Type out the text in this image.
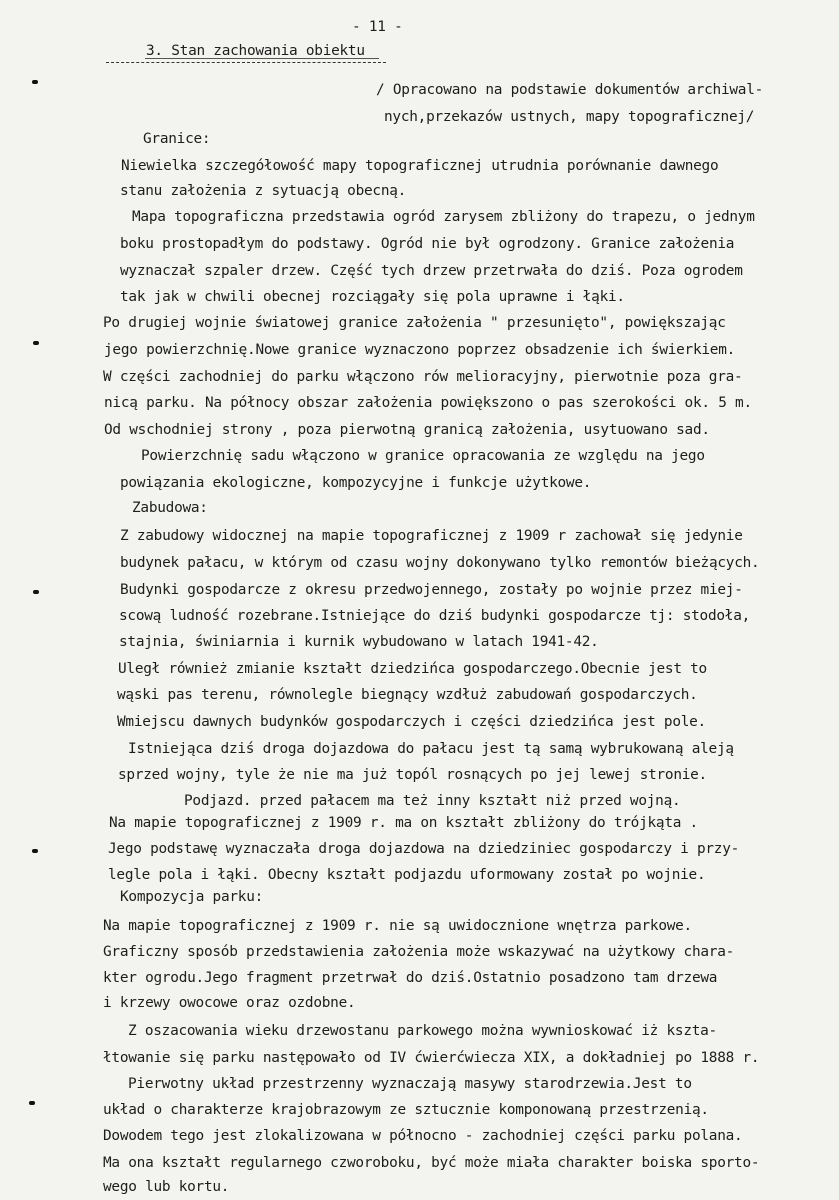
- 11 -
3. Stan zachowania obiektu
/ Opracowano na podstawie dokumentów archiwal-
nych,przekazów ustnych, mapy topograficznej/
Granice:
Niewielka szczegółowość mapy topograficznej utrudnia porównanie dawnego
stanu założenia z sytuacją obecną.
Mapa topograficzna przedstawia ogród zarysem zbliżony do trapezu, o jednym
boku prostopadłym do podstawy. Ogród nie był ogrodzony. Granice założenia
wyznaczał szpaler drzew. Część tych drzew przetrwała do dziś. Poza ogrodem
tak jak w chwili obecnej rozciągały się pola uprawne i łąki.
Po drugiej wojnie światowej granice założenia " przesunięto", powiększając
jego powierzchnię.Nowe granice wyznaczono poprzez obsadzenie ich świerkiem.
W części zachodniej do parku włączono rów melioracyjny, pierwotnie poza gra-
nicą parku. Na północy obszar założenia powiększono o pas szerokości ok. 5 m.
Od wschodniej strony , poza pierwotną granicą założenia, usytuowano sad.
Powierzchnię sadu włączono w granice opracowania ze względu na jego
powiązania ekologiczne, kompozycyjne i funkcje użytkowe.
Zabudowa:
Z zabudowy widocznej na mapie topograficznej z 1909 r zachował się jedynie
budynek pałacu, w którym od czasu wojny dokonywano tylko remontów bieżących.
Budynki gospodarcze z okresu przedwojennego, zostały po wojnie przez miej-
scową ludność rozebrane.Istniejące do dziś budynki gospodarcze tj: stodoła,
stajnia, świniarnia i kurnik wybudowano w latach 1941-42.
Uległ również zmianie kształt dziedzińca gospodarczego.Obecnie jest to
wąski pas terenu, równolegle biegnący wzdłuż zabudowań gospodarczych.
Wmiejscu dawnych budynków gospodarczych i części dziedzińca jest pole.
Istniejąca dziś droga dojazdowa do pałacu jest tą samą wybrukowaną aleją
sprzed wojny, tyle że nie ma już topól rosnących po jej lewej stronie.
Podjazd. przed pałacem ma też inny kształt niż przed wojną.
Na mapie topograficznej z 1909 r. ma on kształt zbliżony do trójkąta .
Jego podstawę wyznaczała droga dojazdowa na dziedziniec gospodarczy i przy-
legle pola i łąki. Obecny kształt podjazdu uformowany został po wojnie.
Kompozycja parku:
Na mapie topograficznej z 1909 r. nie są uwidocznione wnętrza parkowe.
Graficzny sposób przedstawienia założenia może wskazywać na użytkowy chara-
kter ogrodu.Jego fragment przetrwał do dziś.Ostatnio posadzono tam drzewa
i krzewy owocowe oraz ozdobne.
Z oszacowania wieku drzewostanu parkowego można wywnioskować iż kszta-
łtowanie się parku następowało od IV ćwierćwiecza XIX, a dokładniej po 1888 r.
Pierwotny układ przestrzenny wyznaczają masywy starodrzewia.Jest to
układ o charakterze krajobrazowym ze sztucznie komponowaną przestrzenią.
Dowodem tego jest zlokalizowana w północno - zachodniej części parku polana.
Ma ona kształt regularnego czworoboku, być może miała charakter boiska sporto-
wego lub kortu.
